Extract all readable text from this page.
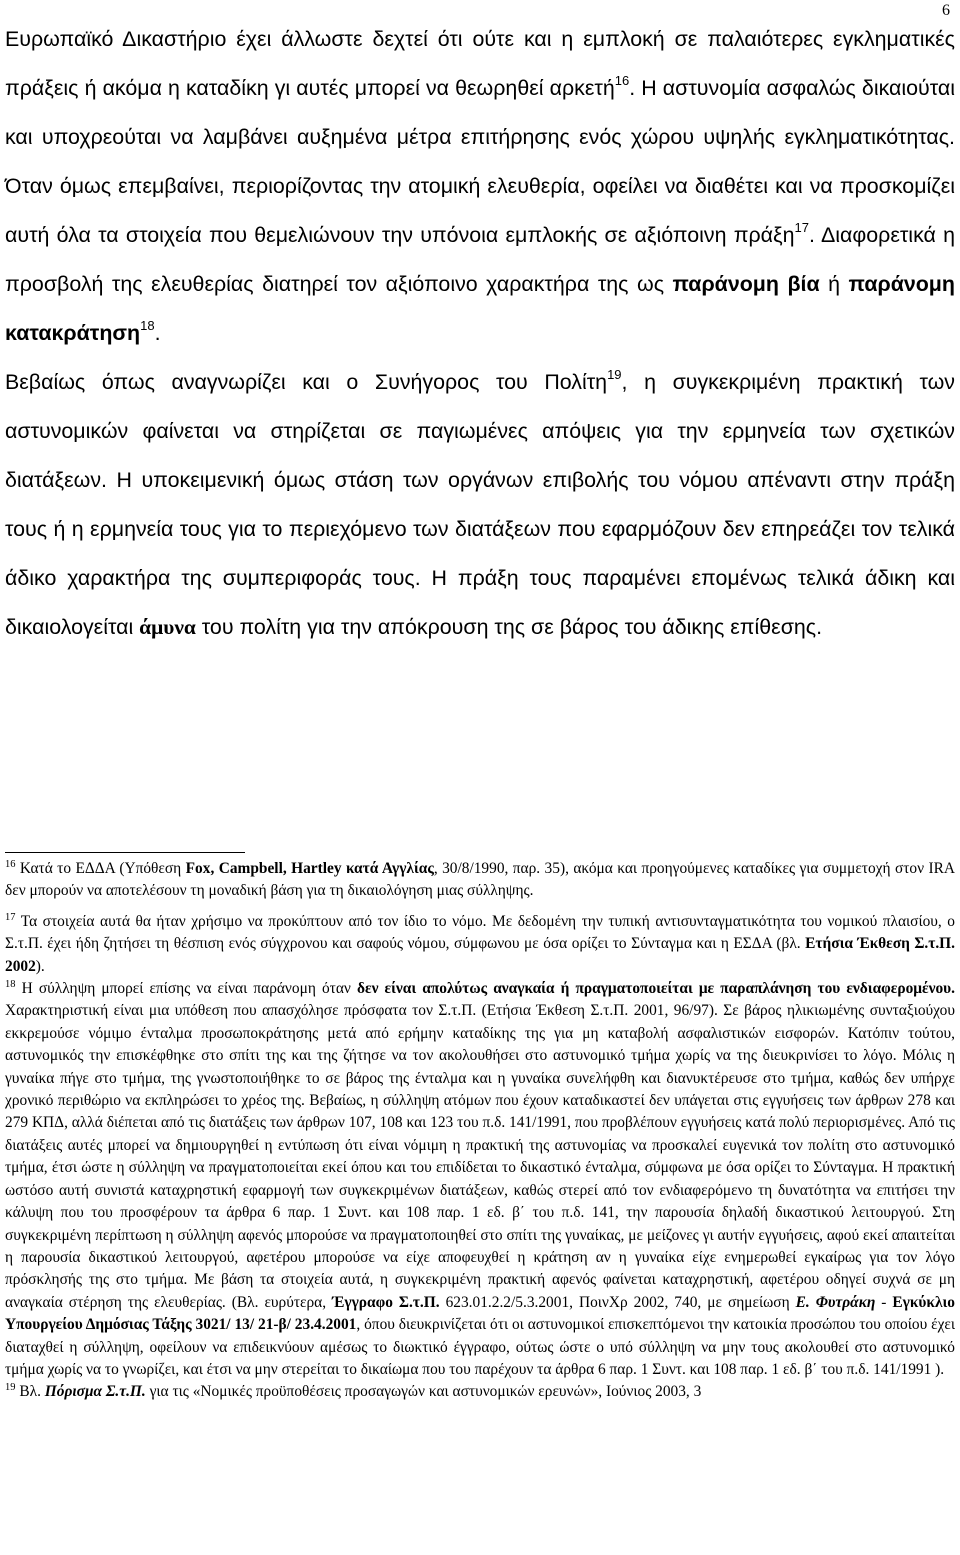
6

Ευρωπαϊκό Δικαστήριο έχει άλλωστε δεχτεί ότι ούτε και η εμπλοκή σε παλαιότερες εγκληματικές πράξεις ή ακόμα η καταδίκη γι αυτές μπορεί να θεωρηθεί αρκετή$^{16}$. Η αστυνομία ασφαλώς δικαιούται και υποχρεούται να λαμβάνει αυξημένα μέτρα επιτήρησης ενός χώρου υψηλής εγκληματικότητας. Όταν όμως επεμβαίνει, περιορίζοντας την ατομική ελευθερία, οφείλει να διαθέτει και να προσκομίζει αυτή όλα τα στοιχεία που θεμελιώνουν την υπόνοια εμπλοκής σε αξιόποινη πράξη$^{17}$. Διαφορετικά η προσβολή της ελευθερίας διατηρεί τον αξιόποινο χαρακτήρα της ως παράνομη βία ή παράνομη κατακράτηση$^{18}$.

Βεβαίως όπως αναγνωρίζει και ο Συνήγορος του Πολίτη$^{19}$, η συγκεκριμένη πρακτική των αστυνομικών φαίνεται να στηρίζεται σε παγιωμένες απόψεις για την ερμηνεία των σχετικών διατάξεων. Η υποκειμενική όμως στάση των οργάνων επιβολής του νόμου απέναντι στην πράξη τους ή η ερμηνεία τους για το περιεχόμενο των διατάξεων που εφαρμόζουν δεν επηρεάζει τον τελικά άδικο χαρακτήρα της συμπεριφοράς τους. Η πράξη τους παραμένει επομένως τελικά άδικη και δικαιολογείται άμυνα του πολίτη για την απόκρουση της σε βάρος του άδικης επίθεσης.

$^{16}$ Κατά το ΕΔΔΑ (Υπόθεση Fox, Campbell, Hartley κατά Αγγλίας, 30/8/1990, παρ. 35), ακόμα και προηγούμενες καταδίκες για συμμετοχή στον IRA δεν μπορούν να αποτελέσουν τη μοναδική βάση για τη δικαιολόγηση μιας σύλληψης.

$^{17}$ Τα στοιχεία αυτά θα ήταν χρήσιμο να προκύπτουν από τον ίδιο το νόμο. Με δεδομένη την τυπική αντισυνταγματικότητα του νομικού πλαισίου, ο Σ.τ.Π. έχει ήδη ζητήσει τη θέσπιση ενός σύγχρονου και σαφούς νόμου, σύμφωνου με όσα ορίζει το Σύνταγμα και η ΕΣΔΑ (βλ. Ετήσια Έκθεση Σ.τ.Π. 2002).

$^{18}$ Η σύλληψη μπορεί επίσης να είναι παράνομη όταν δεν είναι απολύτως αναγκαία ή πραγματοποιείται με παραπλάνηση του ενδιαφερομένου. Χαρακτηριστική είναι μια υπόθεση που απασχόλησε πρόσφατα τον Σ.τ.Π. (Ετήσια Έκθεση Σ.τ.Π. 2001, 96/97). Σε βάρος ηλικιωμένης συνταξιούχου εκκρεμούσε νόμιμο ένταλμα προσωποκράτησης μετά από ερήμην καταδίκης της για μη καταβολή ασφαλιστικών εισφορών. Κατόπιν τούτου, αστυνομικός την επισκέφθηκε στο σπίτι της και της ζήτησε να τον ακολουθήσει στο αστυνομικό τμήμα χωρίς να της διευκρινίσει το λόγο. Μόλις η γυναίκα πήγε στο τμήμα, της γνωστοποιήθηκε το σε βάρος της ένταλμα και η γυναίκα συνελήφθη και διανυκτέρευσε στο τμήμα, καθώς δεν υπήρχε χρονικό περιθώριο να εκπληρώσει το χρέος της. Βεβαίως, η σύλληψη ατόμων που έχουν καταδικαστεί δεν υπάγεται στις εγγυήσεις των άρθρων 278 και 279 ΚΠΔ, αλλά διέπεται από τις διατάξεις των άρθρων 107, 108 και 123 του π.δ. 141/1991, που προβλέπουν εγγυήσεις κατά πολύ περιορισμένες. Από τις διατάξεις αυτές μπορεί να δημιουργηθεί η εντύπωση ότι είναι νόμιμη η πρακτική της αστυνομίας να προσκαλεί ευγενικά τον πολίτη στο αστυνομικό τμήμα, έτσι ώστε η σύλληψη να πραγματοποιείται εκεί όπου και του επιδίδεται το δικαστικό ένταλμα, σύμφωνα με όσα ορίζει το Σύνταγμα. Η πρακτική ωστόσο αυτή συνιστά καταχρηστική εφαρμογή των συγκεκριμένων διατάξεων, καθώς στερεί από τον ενδιαφερόμενο τη δυνατότητα να επιτήσει την κάλυψη που του προσφέρουν τα άρθρα 6 παρ. 1 Συντ. και 108 παρ. 1 εδ. β΄ του π.δ. 141, την παρουσία δηλαδή δικαστικού λειτουργού. Στη συγκεκριμένη περίπτωση η σύλληψη αφενός μπορούσε να πραγματοποιηθεί στο σπίτι της γυναίκας, με μείζονες γι αυτήν εγγυήσεις, αφού εκεί απαιτείται η παρουσία δικαστικού λειτουργού, αφετέρου μπορούσε να είχε αποφευχθεί η κράτηση αν η γυναίκα είχε ενημερωθεί εγκαίρως για τον λόγο πρόσκλησής της στο τμήμα. Με βάση τα στοιχεία αυτά, η συγκεκριμένη πρακτική αφενός φαίνεται καταχρηστική, αφετέρου οδηγεί συχνά σε μη αναγκαία στέρηση της ελευθερίας. (Βλ. ευρύτερα, Έγγραφο Σ.τ.Π. 623.01.2.2/5.3.2001, ΠοινΧρ 2002, 740, με σημείωση Ε. Φυτράκη - Εγκύκλιο Υπουργείου Δημόσιας Τάξης 3021/ 13/ 21-β/ 23.4.2001, όπου διευκρινίζεται ότι οι αστυνομικοί επισκεπτόμενοι την κατοικία προσώπου του οποίου έχει διαταχθεί η σύλληψη, οφείλουν να επιδεικνύουν αμέσως το διωκτικό έγγραφο, ούτως ώστε ο υπό σύλληψη να μην τους ακολουθεί στο αστυνομικό τμήμα χωρίς να το γνωρίζει, και έτσι να μην στερείται το δικαίωμα που του παρέχουν τα άρθρα 6 παρ. 1 Συντ. και 108 παρ. 1 εδ. β΄ του π.δ. 141/1991 ).

$^{19}$ Βλ. Πόρισμα Σ.τ.Π. για τις «Νομικές προϋποθέσεις προσαγωγών και αστυνομικών ερευνών», Ιούνιος 2003, 3
